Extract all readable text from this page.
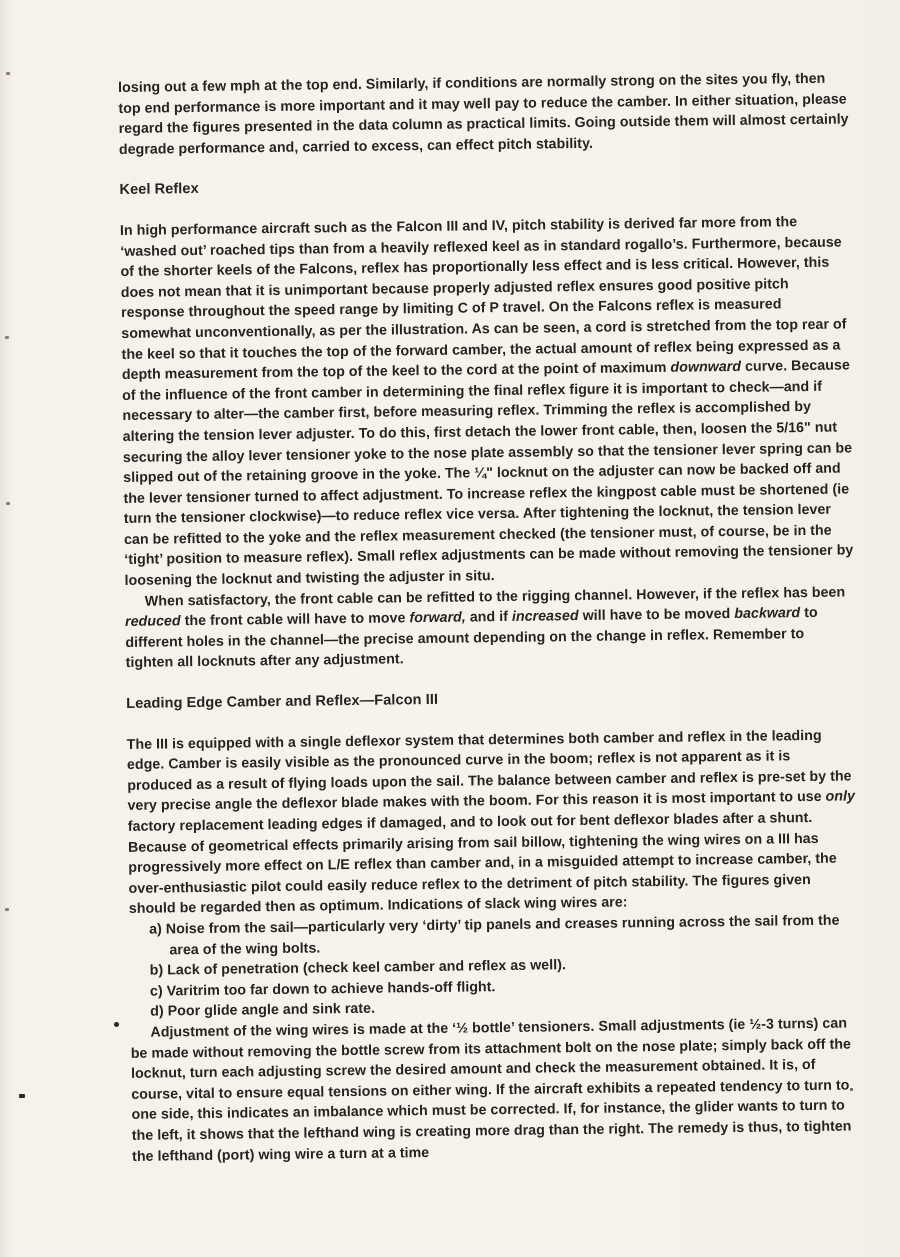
losing out a few mph at the top end. Similarly, if conditions are normally strong on the sites you fly, then top end performance is more important and it may well pay to reduce the camber. In either situation, please regard the figures presented in the data column as practical limits. Going outside them will almost certainly degrade performance and, carried to excess, can effect pitch stability.

Keel Reflex

In high performance aircraft such as the Falcon III and IV, pitch stability is derived far more from the ‘washed out’ roached tips than from a heavily reflexed keel as in standard rogallo’s. Furthermore, because of the shorter keels of the Falcons, reflex has proportionally less effect and is less critical. However, this does not mean that it is unimportant because properly adjusted reflex ensures good positive pitch response throughout the speed range by limiting C of P travel. On the Falcons reflex is measured somewhat unconventionally, as per the illustration. As can be seen, a cord is stretched from the top rear of the keel so that it touches the top of the forward camber, the actual amount of reflex being expressed as a depth measurement from the top of the keel to the cord at the point of maximum downward curve. Because of the influence of the front camber in determining the final reflex figure it is important to check—and if necessary to alter—the camber first, before measuring reflex. Trimming the reflex is accomplished by altering the tension lever adjuster. To do this, first detach the lower front cable, then, loosen the 5/16" nut securing the alloy lever tensioner yoke to the nose plate assembly so that the tensioner lever spring can be slipped out of the retaining groove in the yoke. The ¼" locknut on the adjuster can now be backed off and the lever tensioner turned to affect adjustment. To increase reflex the kingpost cable must be shortened (ie turn the tensioner clockwise)—to reduce reflex vice versa. After tightening the locknut, the tension lever can be refitted to the yoke and the reflex measurement checked (the tensioner must, of course, be in the ‘tight’ position to measure reflex). Small reflex adjustments can be made without removing the tensioner by loosening the locknut and twisting the adjuster in situ.

When satisfactory, the front cable can be refitted to the rigging channel. However, if the reflex has been reduced the front cable will have to move forward, and if increased will have to be moved backward to different holes in the channel—the precise amount depending on the change in reflex. Remember to tighten all locknuts after any adjustment.

Leading Edge Camber and Reflex—Falcon III

The III is equipped with a single deflexor system that determines both camber and reflex in the leading edge. Camber is easily visible as the pronounced curve in the boom; reflex is not apparent as it is produced as a result of flying loads upon the sail. The balance between camber and reflex is pre-set by the very precise angle the deflexor blade makes with the boom. For this reason it is most important to use only factory replacement leading edges if damaged, and to look out for bent deflexor blades after a shunt. Because of geometrical effects primarily arising from sail billow, tightening the wing wires on a III has progressively more effect on L/E reflex than camber and, in a misguided attempt to increase camber, the over-enthusiastic pilot could easily reduce reflex to the detriment of pitch stability. The figures given should be regarded then as optimum. Indications of slack wing wires are:

a) Noise from the sail—particularly very ‘dirty’ tip panels and creases running across the sail from the area of the wing bolts.

b) Lack of penetration (check keel camber and reflex as well).

c) Varitrim too far down to achieve hands-off flight.

d) Poor glide angle and sink rate.

Adjustment of the wing wires is made at the ‘½ bottle’ tensioners. Small adjustments (ie ½-3 turns) can be made without removing the bottle screw from its attachment bolt on the nose plate; simply back off the locknut, turn each adjusting screw the desired amount and check the measurement obtained. It is, of course, vital to ensure equal tensions on either wing. If the aircraft exhibits a repeated tendency to turn to one side, this indicates an imbalance which must be corrected. If, for instance, the glider wants to turn to the left, it shows that the lefthand wing is creating more drag than the right. The remedy is thus, to tighten the lefthand (port) wing wire a turn at a time
